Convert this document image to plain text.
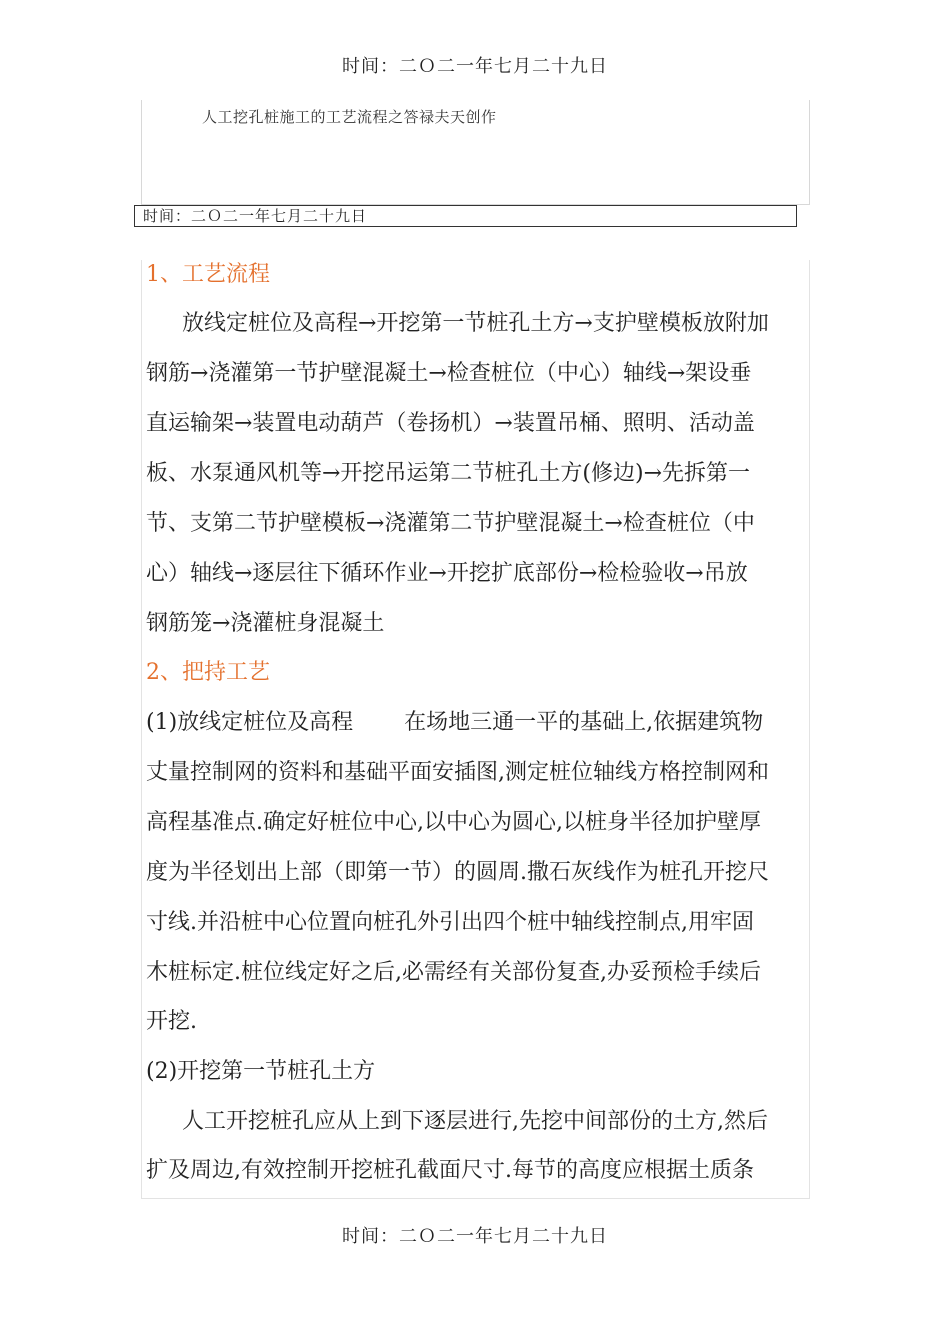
时间：二Ｏ二一年七月二十九日
人工挖孔桩施工的工艺流程之答禄夫天创作
时间：二Ｏ二一年七月二十九日
1、工艺流程
放线定桩位及高程→开挖第一节桩孔土方→支护壁模板放附加
钢筋→浇灌第一节护壁混凝土→检查桩位（中心）轴线→架设垂
直运输架→装置电动葫芦（卷扬机）→装置吊桶、照明、活动盖
板、水泵通风机等→开挖吊运第二节桩孔土方(修边)→先拆第一
节、支第二节护壁模板→浇灌第二节护壁混凝土→检查桩位（中
心）轴线→逐层往下循环作业→开挖扩底部份→检检验收→吊放
钢筋笼→浇灌桩身混凝土
2、把持工艺
(1)放线定桩位及高程　　 在场地三通一平的基础上,依据建筑物
丈量控制网的资料和基础平面安插图,测定桩位轴线方格控制网和
高程基准点.确定好桩位中心,以中心为圆心,以桩身半径加护壁厚
度为半径划出上部（即第一节）的圆周.撒石灰线作为桩孔开挖尺
寸线.并沿桩中心位置向桩孔外引出四个桩中轴线控制点,用牢固
木桩标定.桩位线定好之后,必需经有关部份复查,办妥预检手续后
开挖.
(2)开挖第一节桩孔土方
人工开挖桩孔应从上到下逐层进行,先挖中间部份的土方,然后
扩及周边,有效控制开挖桩孔截面尺寸.每节的高度应根据土质条
时间：二Ｏ二一年七月二十九日
